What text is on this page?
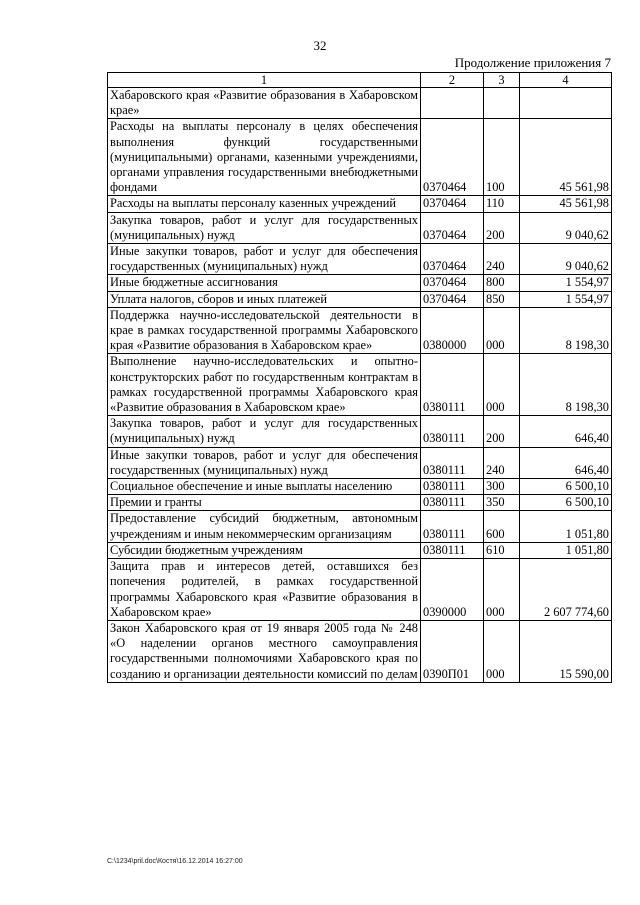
32
Продолжение приложения 7
1	2	3	4
Хабаровского края «Развитие образования в Хабаровском крае»			
Расходы на выплаты персоналу в целях обеспечения выполнения функций государственными (муниципальными) органами, казенными учреждениями, органами управления государственными внебюджетными фондами	0370464	100	45 561,98
Расходы на выплаты персоналу казенных учреждений	0370464	110	45 561,98
Закупка товаров, работ и услуг для государственных (муниципальных) нужд	0370464	200	9 040,62
Иные закупки товаров, работ и услуг для обеспечения государственных (муниципальных) нужд	0370464	240	9 040,62
Иные бюджетные ассигнования	0370464	800	1 554,97
Уплата налогов, сборов и иных платежей	0370464	850	1 554,97
Поддержка научно-исследовательской деятельности в крае в рамках государственной программы Хабаровского края «Развитие образования в Хабаровском крае»	0380000	000	8 198,30
Выполнение научно-исследовательских и опытно-конструкторских работ по государственным контрактам в рамках государственной программы Хабаровского края «Развитие образования в Хабаровском крае»	0380111	000	8 198,30
Закупка товаров, работ и услуг для государственных (муниципальных) нужд	0380111	200	646,40
Иные закупки товаров, работ и услуг для обеспечения государственных (муниципальных) нужд	0380111	240	646,40
Социальное обеспечение и иные выплаты населению	0380111	300	6 500,10
Премии и гранты	0380111	350	6 500,10
Предоставление субсидий бюджетным, автономным учреждениям и иным некоммерческим организациям	0380111	600	1 051,80
Субсидии бюджетным учреждениям	0380111	610	1 051,80
Защита прав и интересов детей, оставшихся без попечения родителей, в рамках государственной программы Хабаровского края «Развитие образования в Хабаровском крае»	0390000	000	2 607 774,60
Закон Хабаровского края от 19 января 2005 года № 248 «О наделении органов местного самоуправления государственными полномочиями Хабаровского края по созданию и организации деятельности комиссий по делам	0390П01	000	15 590,00
C:\1234\pril.doc\Костя\16.12.2014 16:27:00
